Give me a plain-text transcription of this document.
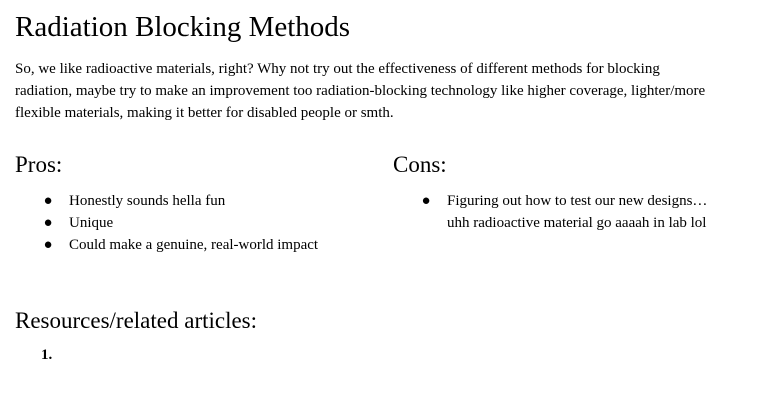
Radiation Blocking Methods

So, we like radioactive materials, right? Why not try out the effectiveness of different methods for blocking radiation, maybe try to make an improvement too radiation-blocking technology like higher coverage, lighter/more flexible materials, making it better for disabled people or smth.

Pros:
● Honestly sounds hella fun
● Unique
● Could make a genuine, real-world impact
Cons:
● Figuring out how to test our new designs… uhh radioactive material go aaaah in lab lol
Resources/related articles:
1.
